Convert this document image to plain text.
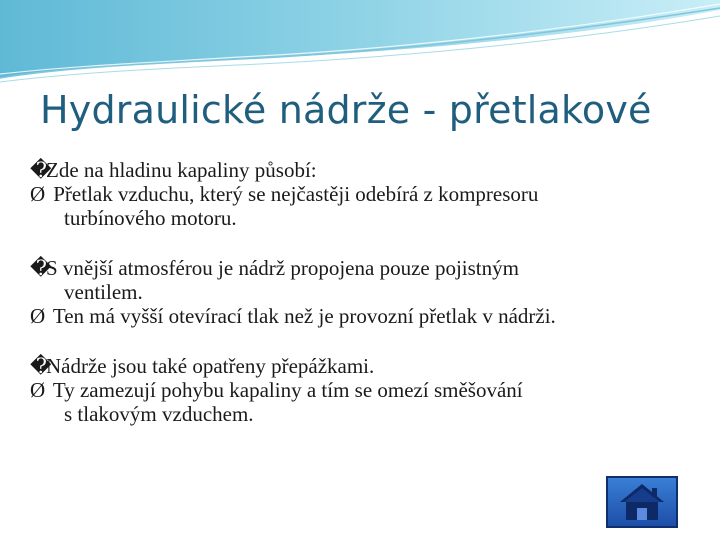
Hydraulické nádrže - přetlakové
�Zde na hladinu kapaliny působí:
Ø Přetlak vzduchu, který se nejčastěji odebírá z kompresoru
turbínového motoru.
�S vnější atmosférou je nádrž propojena pouze pojistným
ventilem.
Ø Ten má vyšší otevírací tlak než je provozní přetlak v nádrži.
�Nádrže jsou také opatřeny přepážkami.
Ø Ty zamezují pohybu kapaliny a tím se omezí směšování
s tlakovým vzduchem.
